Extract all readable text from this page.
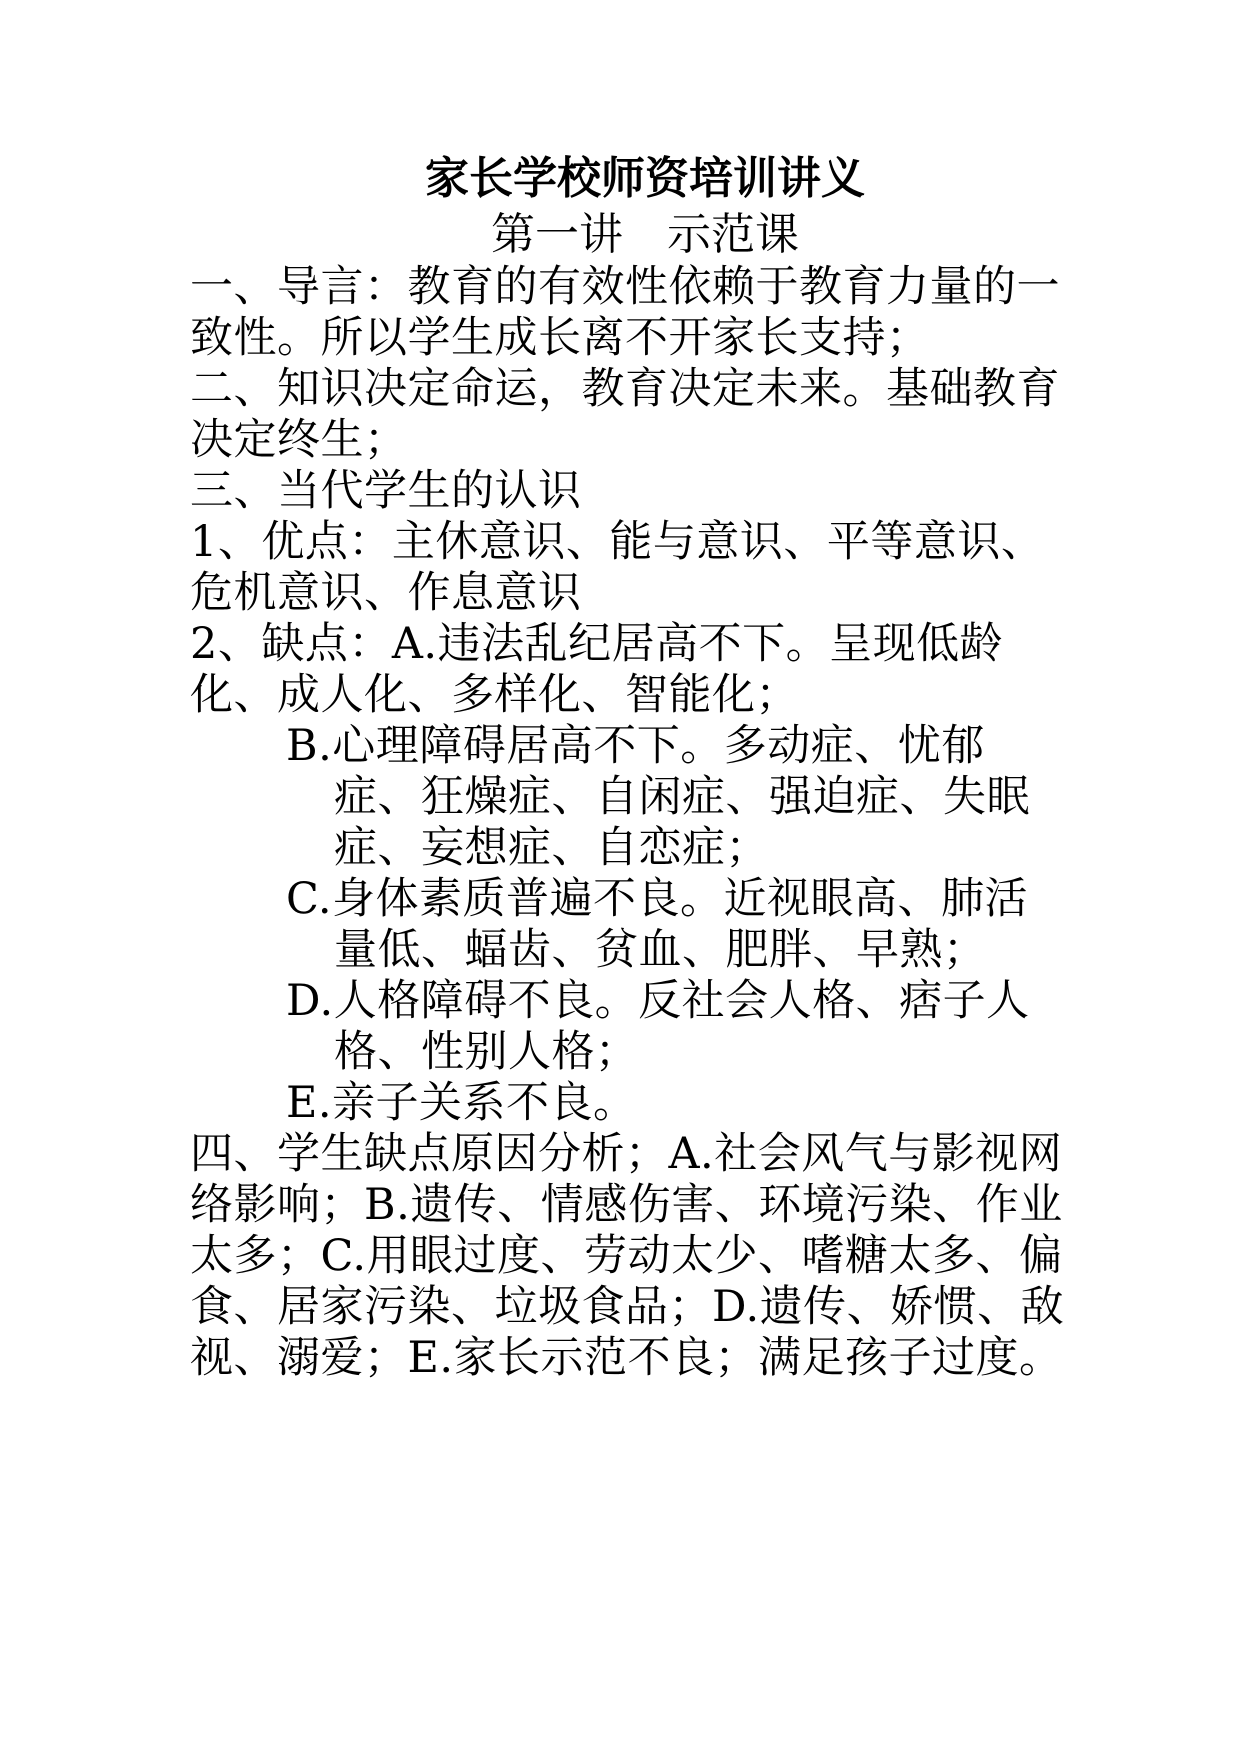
家长学校师资培训讲义
第一讲　示范课

一、导言：教育的有效性依赖于教育力量的一致性。所以学生成长离不开家长支持；

二、知识决定命运，教育决定未来。基础教育决定终生；

三、当代学生的认识

1、优点：主休意识、能与意识、平等意识、危机意识、作息意识

2、缺点：A.违法乱纪居高不下。呈现低龄化、成人化、多样化、智能化；

B.心理障碍居高不下。多动症、忧郁症、狂燥症、自闲症、强迫症、失眠症、妄想症、自恋症；

C.身体素质普遍不良。近视眼高、肺活量低、蝠齿、贫血、肥胖、早熟；

D.人格障碍不良。反社会人格、痞子人格、性别人格；

E.亲子关系不良。

四、学生缺点原因分析；A.社会风气与影视网络影响；B.遗传、情感伤害、环境污染、作业太多；C.用眼过度、劳动太少、嗜糖太多、偏食、居家污染、垃圾食品；D.遗传、娇惯、敌视、溺爱；E.家长示范不良；满足孩子过度。
